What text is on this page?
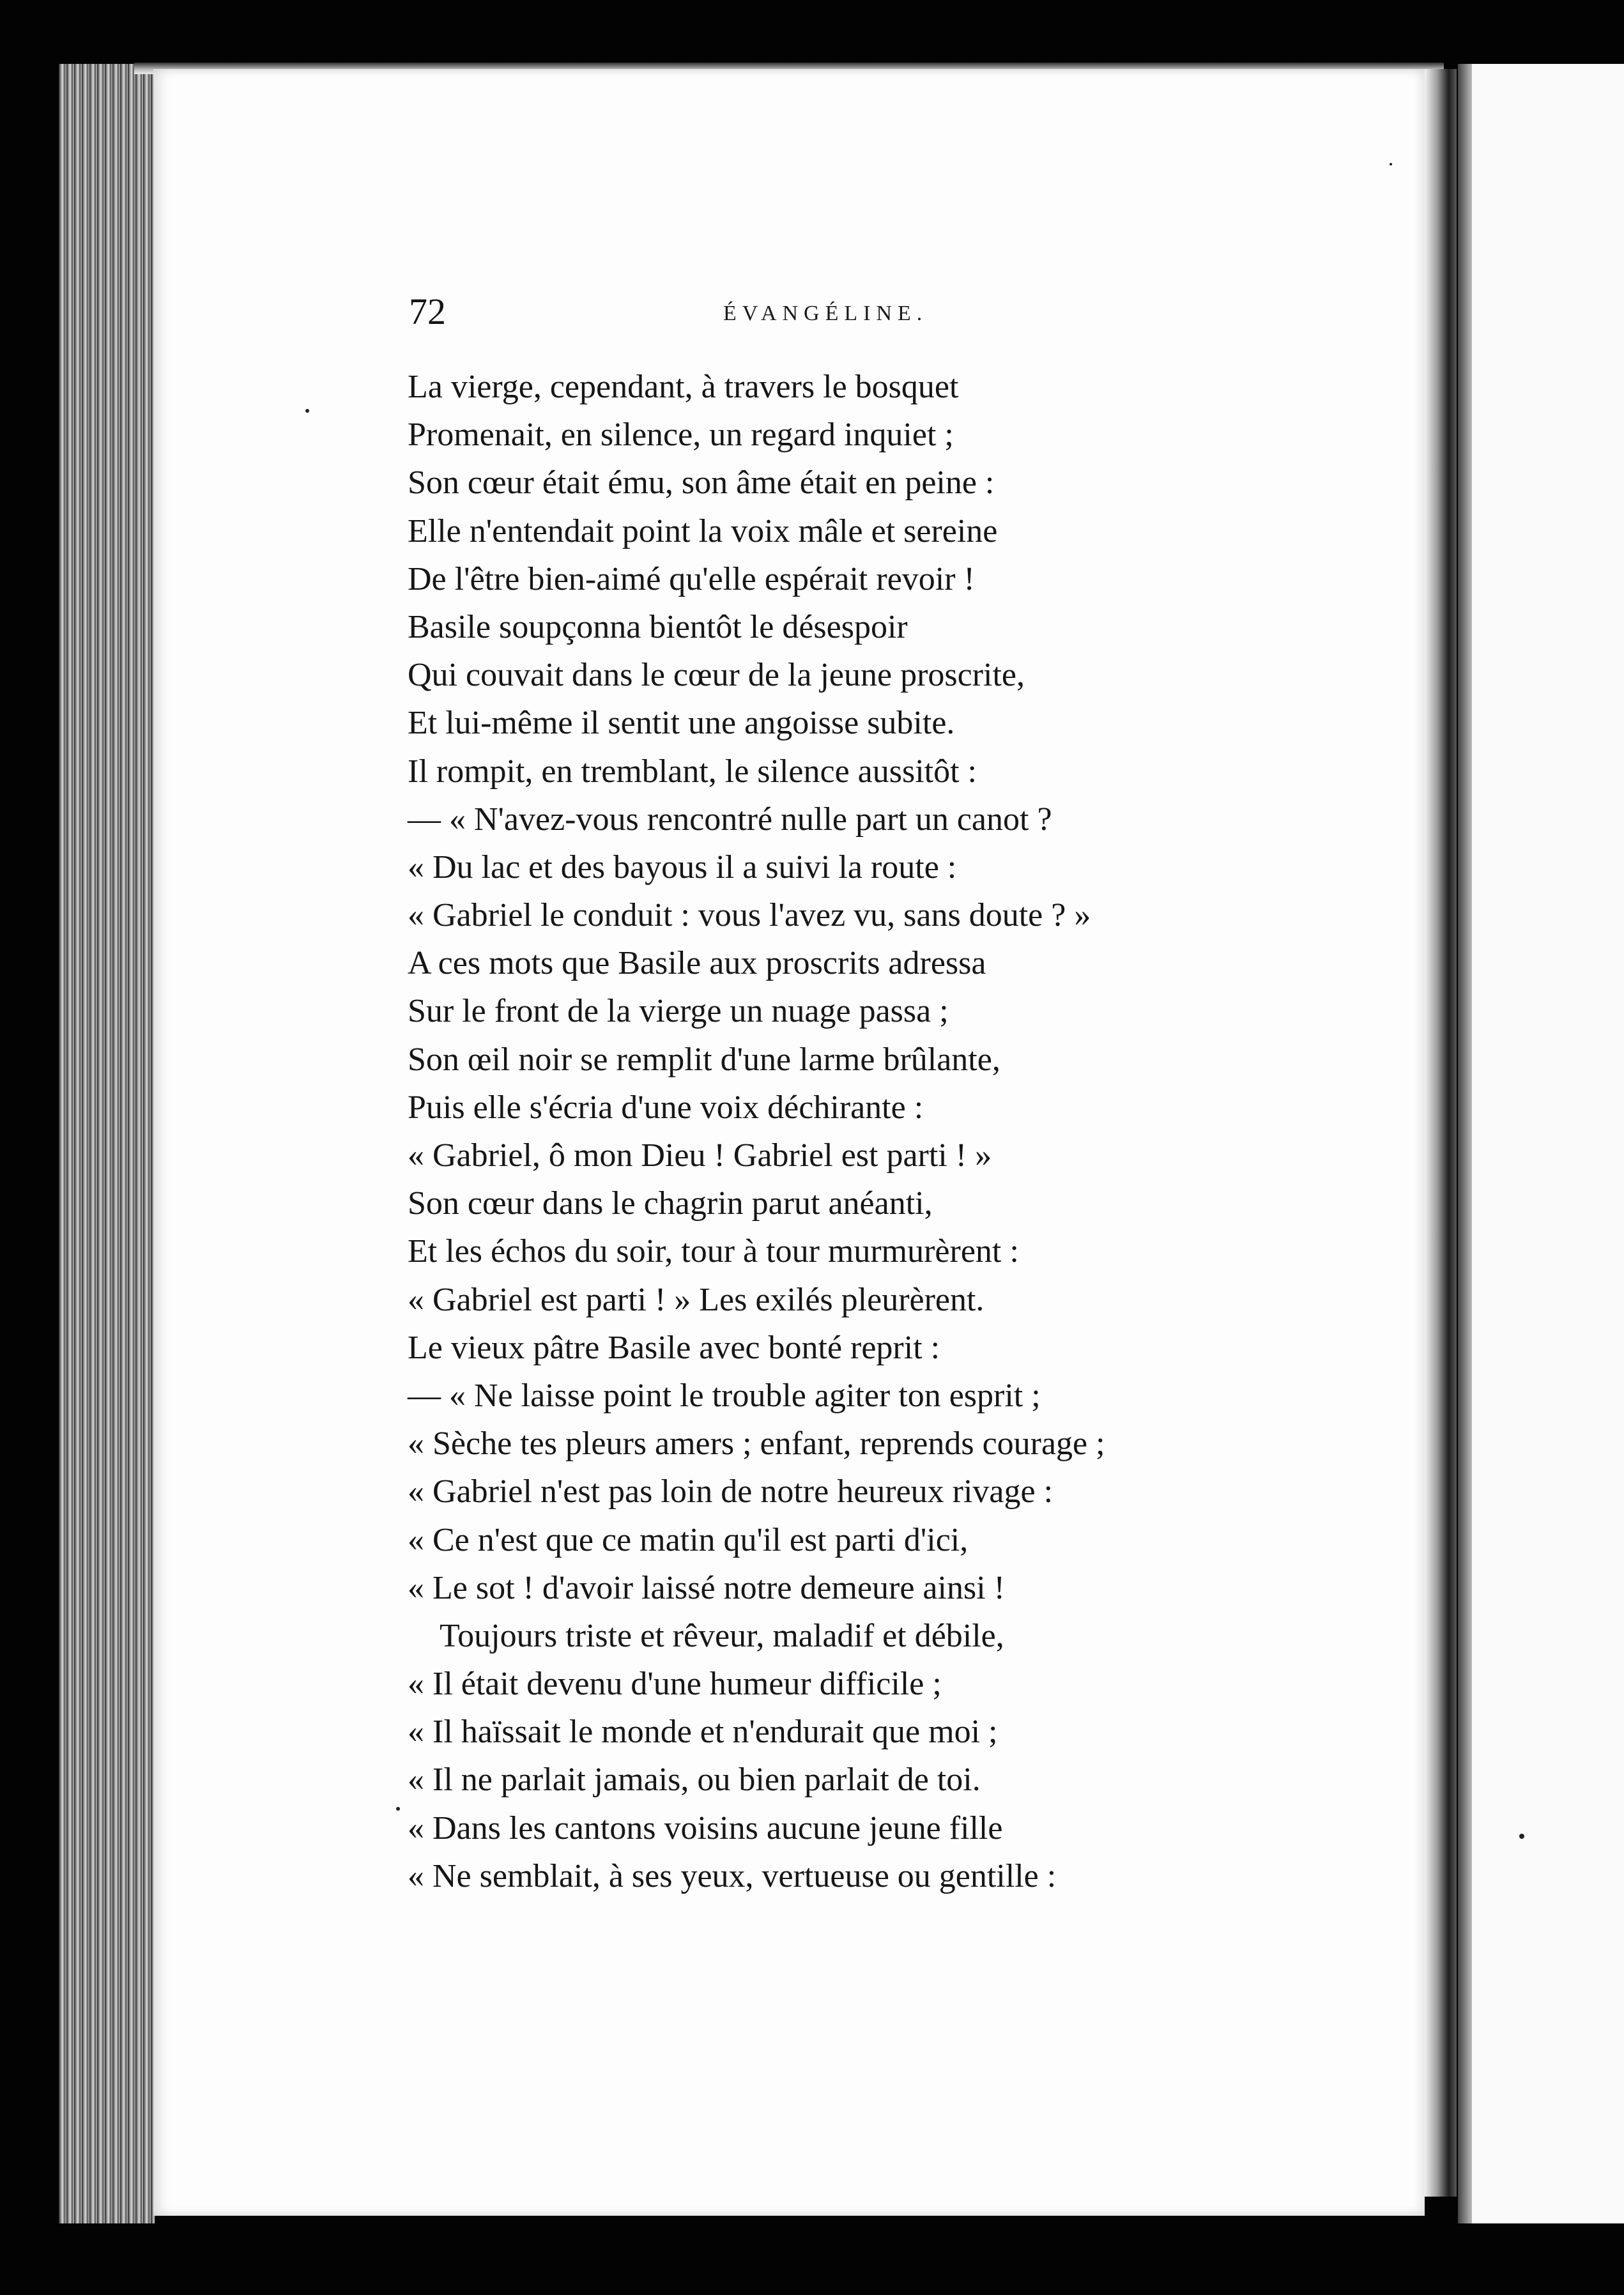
72	ÉVANGÉLINE.
La vierge, cependant, à travers le bosquet
Promenait, en silence, un regard inquiet ;
Son cœur était ému, son âme était en peine :
Elle n'entendait point la voix mâle et sereine
De l'être bien-aimé qu'elle espérait revoir !
Basile soupçonna bientôt le désespoir
Qui couvait dans le cœur de la jeune proscrite,
Et lui-même il sentit une angoisse subite.
Il rompit, en tremblant, le silence aussitôt :
— « N'avez-vous rencontré nulle part un canot ?
« Du lac et des bayous il a suivi la route :
« Gabriel le conduit : vous l'avez vu, sans doute ? »
A ces mots que Basile aux proscrits adressa
Sur le front de la vierge un nuage passa ;
Son œil noir se remplit d'une larme brûlante,
Puis elle s'écria d'une voix déchirante :
« Gabriel, ô mon Dieu ! Gabriel est parti ! »
Son cœur dans le chagrin parut anéanti,
Et les échos du soir, tour à tour murmurèrent :
« Gabriel est parti ! » Les exilés pleurèrent.
Le vieux pâtre Basile avec bonté reprit :
— « Ne laisse point le trouble agiter ton esprit ;
« Sèche tes pleurs amers ; enfant, reprends courage ;
« Gabriel n'est pas loin de notre heureux rivage :
« Ce n'est que ce matin qu'il est parti d'ici,
« Le sot ! d'avoir laissé notre demeure ainsi !
Toujours triste et rêveur, maladif et débile,
« Il était devenu d'une humeur difficile ;
« Il haïssait le monde et n'endurait que moi ;
« Il ne parlait jamais, ou bien parlait de toi.
« Dans les cantons voisins aucune jeune fille
« Ne semblait, à ses yeux, vertueuse ou gentille :
